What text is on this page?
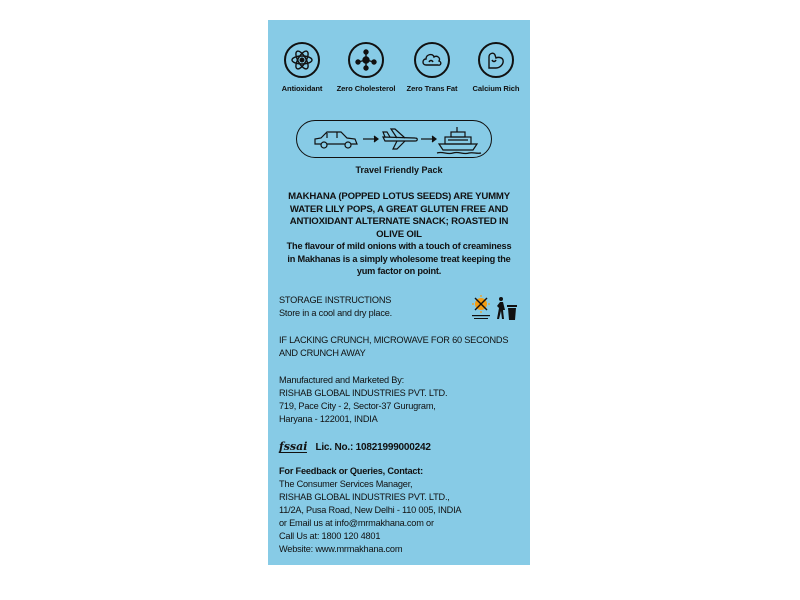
Antioxidant	Zero Cholesterol	Zero Trans Fat	Calcium Rich
Travel Friendly Pack
MAKHANA (POPPED LOTUS SEEDS) ARE YUMMY WATER LILY POPS, A GREAT GLUTEN FREE AND ANTIOXIDANT ALTERNATE SNACK; ROASTED IN OLIVE OIL
The flavour of mild onions with a touch of creaminess in Makhanas is a simply wholesome treat keeping the yum factor on point.
STORAGE INSTRUCTIONS
Store in a cool and dry place.
IF LACKING CRUNCH, MICROWAVE FOR 60 SECONDS AND CRUNCH AWAY
Manufactured and Marketed By:
RISHAB GLOBAL INDUSTRIES PVT. LTD.
719, Pace City - 2, Sector-37 Gurugram,
Haryana - 122001, INDIA
fssai Lic. No.: 10821999000242
For Feedback or Queries, Contact:
The Consumer Services Manager,
RISHAB GLOBAL INDUSTRIES PVT. LTD.,
11/2A, Pusa Road, New Delhi - 110 005, INDIA
or Email us at info@mrmakhana.com or
Call Us at: 1800 120 4801
Website: www.mrmakhana.com
